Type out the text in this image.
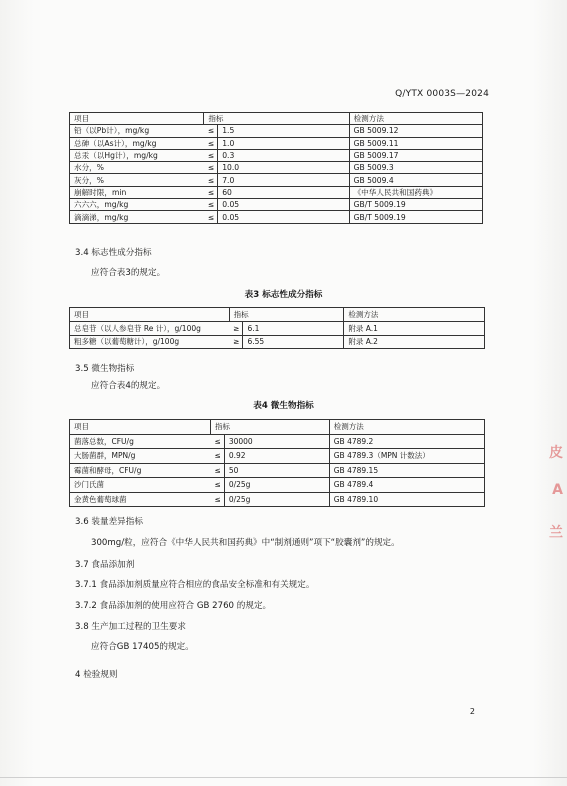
Q/YTX 0003S—2024
项目	指标		检测方法
铅（以Pb计），mg/kg	≤	1.5	GB 5009.12
总砷（以As计），mg/kg	≤	1.0	GB 5009.11
总汞（以Hg计），mg/kg	≤	0.3	GB 5009.17
水分，%	≤	10.0	GB 5009.3
灰分，%	≤	7.0	GB 5009.4
崩解时限，min	≤	60	《中华人民共和国药典》
六六六，mg/kg	≤	0.05	GB/T 5009.19
滴滴涕，mg/kg	≤	0.05	GB/T 5009.19
3.4 标志性成分指标
应符合表3的规定。
表3 标志性成分指标
项目	指标		检测方法
总皂苷（以人参皂苷 Re 计），g/100g	≥	6.1	附录 A.1
粗多糖（以葡萄糖计），g/100g	≥	6.55	附录 A.2
3.5 微生物指标
应符合表4的规定。
表4 微生物指标
项目	指标		检测方法
菌落总数，CFU/g	≤	30000	GB 4789.2
大肠菌群，MPN/g	≤	0.92	GB 4789.3（MPN 计数法）
霉菌和酵母，CFU/g	≤	50	GB 4789.15
沙门氏菌	≤	0/25g	GB 4789.4
金黄色葡萄球菌	≤	0/25g	GB 4789.10
3.6 装量差异指标
300mg/粒，应符合《中华人民共和国药典》中“制剂通则”项下“胶囊剂”的规定。
3.7 食品添加剂
3.7.1 食品添加剂质量应符合相应的食品安全标准和有关规定。
3.7.2 食品添加剂的使用应符合 GB 2760 的规定。
3.8 生产加工过程的卫生要求
应符合GB 17405的规定。
4 检验规则
2
皮
A
兰
